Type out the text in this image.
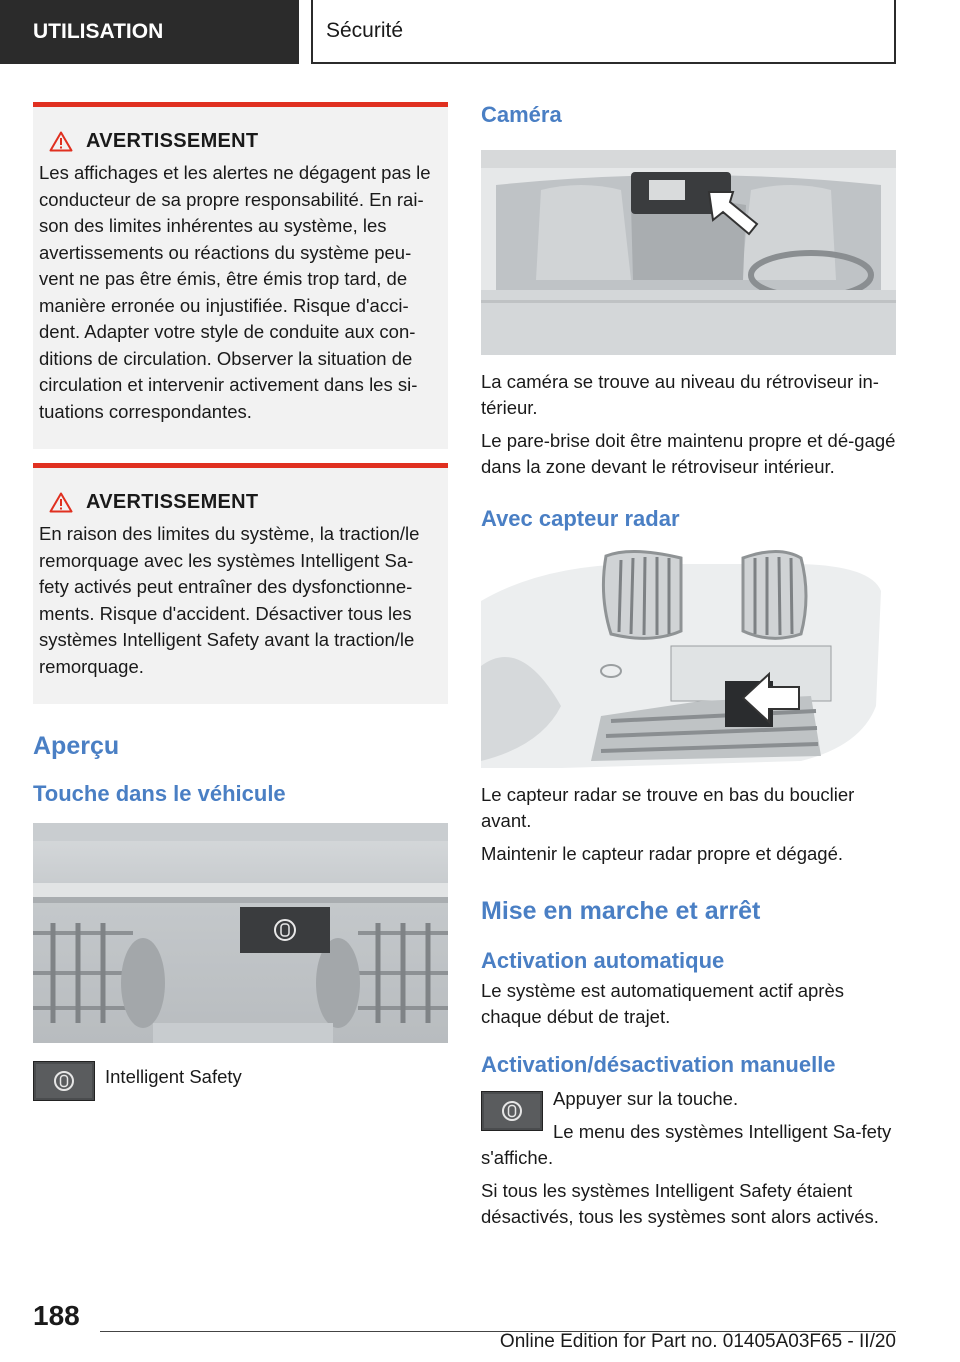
UTILISATION	Sécurité
AVERTISSEMENT

Les affichages et les alertes ne dégagent pas le conducteur de sa propre responsabilité. En rai-son des limites inhérentes au système, les avertissements ou réactions du système peu-vent ne pas être émis, être émis trop tard, de manière erronée ou injustifiée. Risque d'acci-dent. Adapter votre style de conduite aux con-ditions de circulation. Observer la situation de circulation et intervenir activement dans les si-tuations correspondantes.

AVERTISSEMENT

En raison des limites du système, la traction/le remorquage avec les systèmes Intelligent Sa-fety activés peut entraîner des dysfonctionne-ments. Risque d'accident. Désactiver tous les systèmes Intelligent Safety avant la traction/le remorquage.

Aperçu
Touche dans le véhicule
Intelligent Safety
Caméra

La caméra se trouve au niveau du rétroviseur in-térieur.

Le pare-brise doit être maintenu propre et dé-gagé dans la zone devant le rétroviseur intérieur.

Avec capteur radar

Le capteur radar se trouve en bas du bouclier avant.

Maintenir le capteur radar propre et dégagé.

Mise en marche et arrêt
Activation automatique

Le système est automatiquement actif après chaque début de trajet.

Activation/désactivation manuelle

Appuyer sur la touche.

Le menu des systèmes Intelligent Sa-fety s'affiche.

Si tous les systèmes Intelligent Safety étaient désactivés, tous les systèmes sont alors activés.

188
Online Edition for Part no. 01405A03F65 - II/20
